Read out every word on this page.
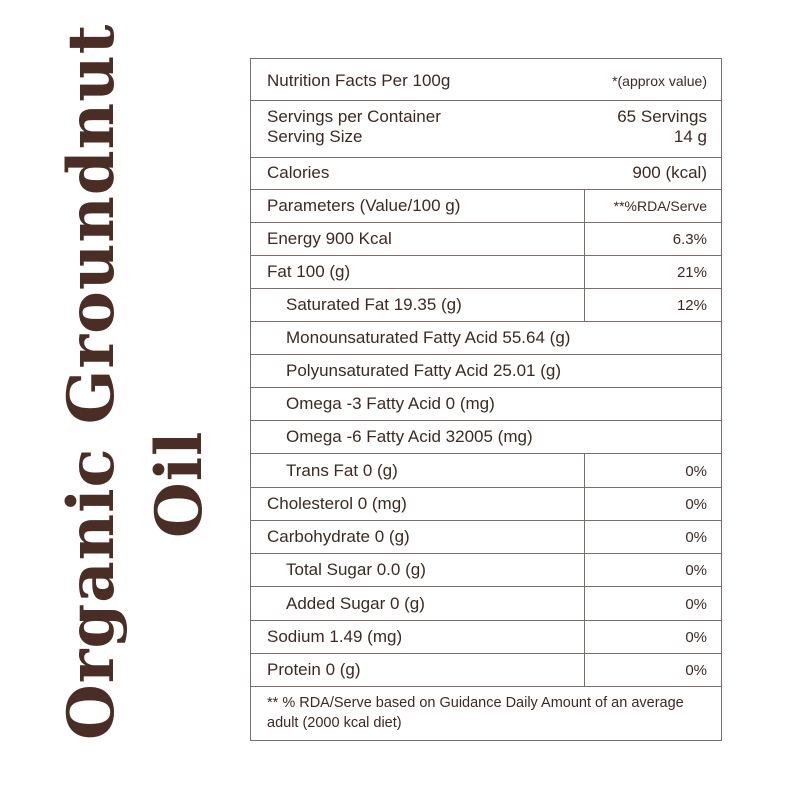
Organic Groundnut Oil
Nutrition Facts Per 100g	*(approx value)
Servings per Container	65 Servings
Serving Size	14 g
Calories	900 (kcal)
Parameters (Value/100 g)	**%RDA/Serve
Energy 900 Kcal	6.3%
Fat 100 (g)	21%
Saturated Fat 19.35 (g)	12%
Monounsaturated Fatty Acid 55.64 (g)
Polyunsaturated Fatty Acid 25.01 (g)
Omega -3 Fatty Acid 0 (mg)
Omega -6 Fatty Acid 32005 (mg)
Trans Fat 0 (g)	0%
Cholesterol 0 (mg)	0%
Carbohydrate 0 (g)	0%
Total Sugar 0.0 (g)	0%
Added Sugar 0 (g)	0%
Sodium 1.49 (mg)	0%
Protein 0 (g)	0%
** % RDA/Serve based on Guidance Daily Amount of an average adult (2000 kcal diet)
